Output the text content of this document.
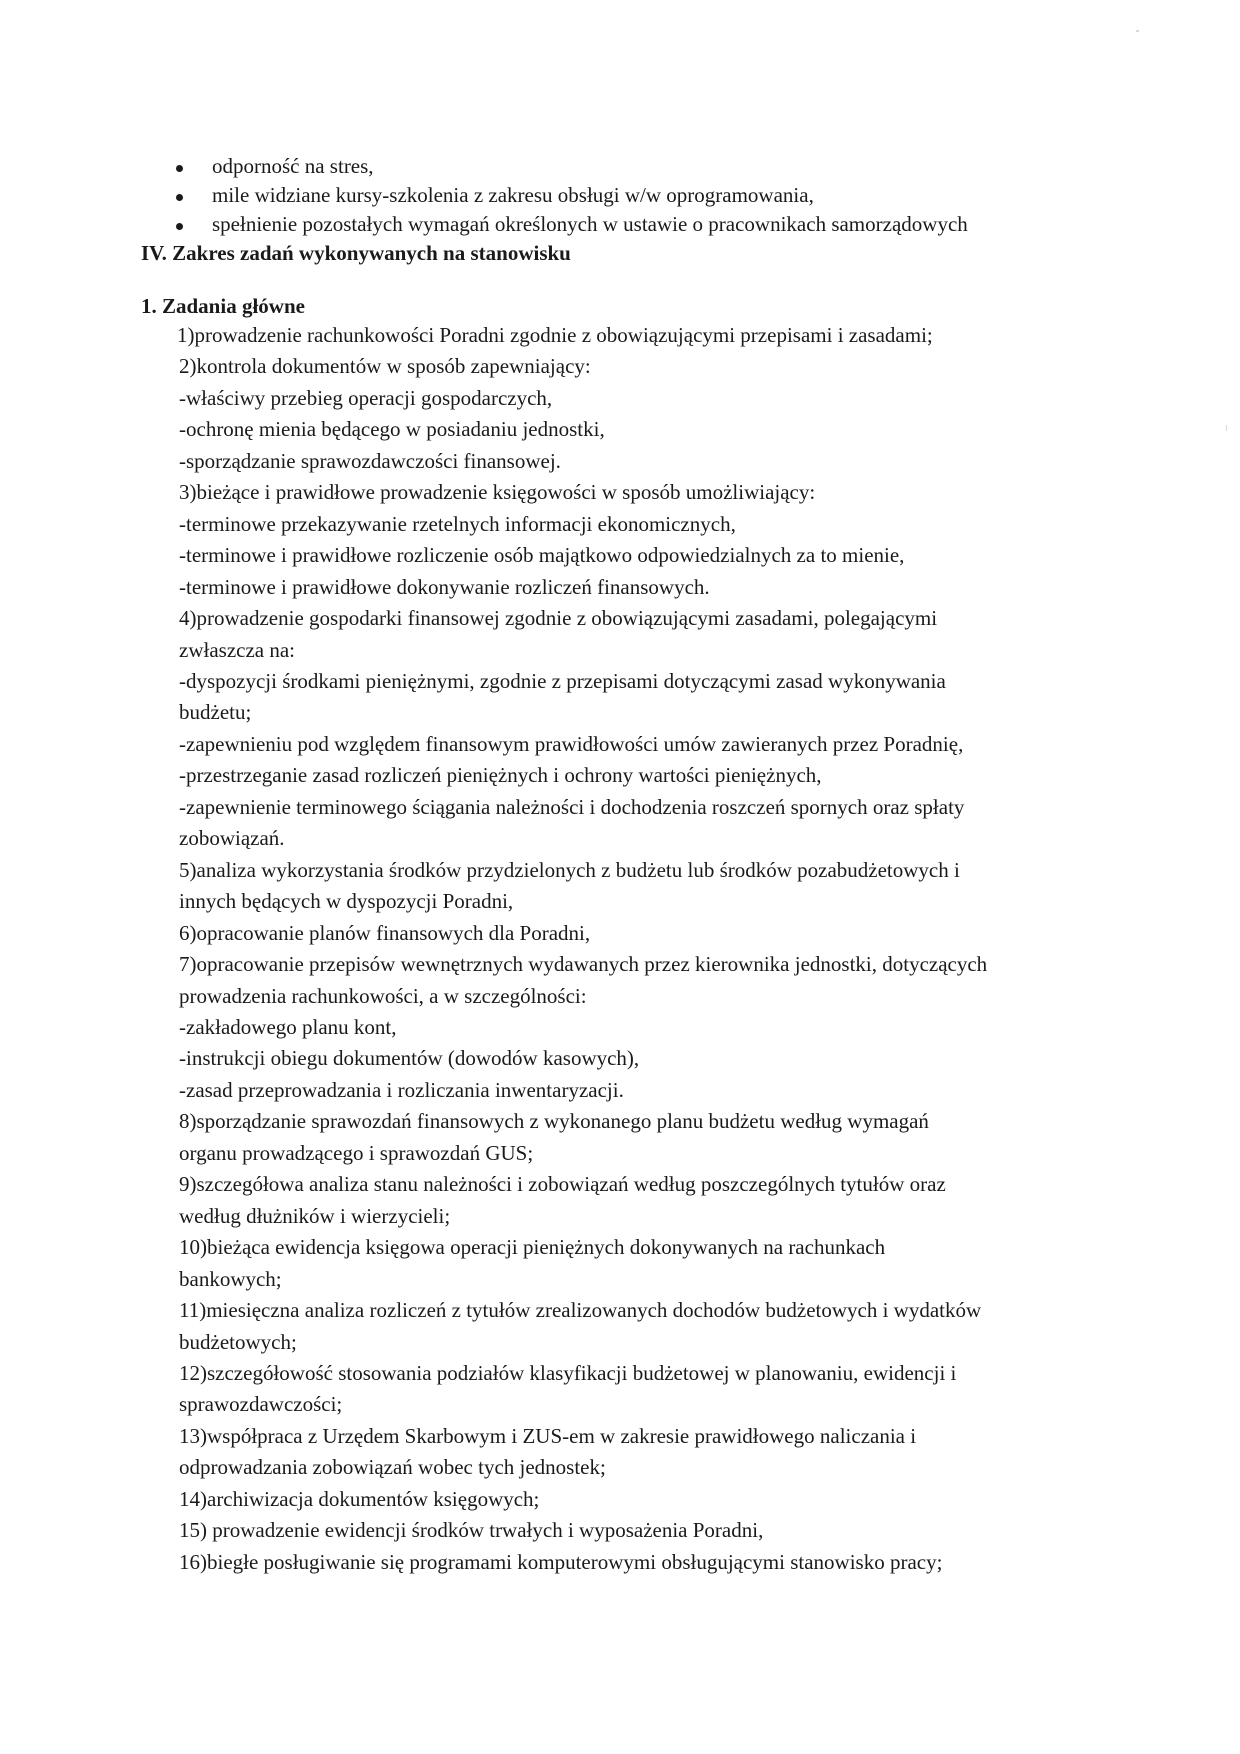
odporność na stres,
mile widziane kursy-szkolenia z zakresu obsługi w/w oprogramowania,
spełnienie pozostałych wymagań określonych w ustawie o pracownikach samorządowych
IV. Zakres zadań wykonywanych na stanowisku
1. Zadania główne
1)prowadzenie rachunkowości Poradni zgodnie z obowiązującymi przepisami i zasadami;
2)kontrola dokumentów w sposób zapewniający:
-właściwy przebieg operacji gospodarczych,
-ochronę mienia będącego w posiadaniu jednostki,
-sporządzanie sprawozdawczości finansowej.
3)bieżące i prawidłowe prowadzenie księgowości w sposób umożliwiający:
-terminowe przekazywanie rzetelnych informacji ekonomicznych,
-terminowe i prawidłowe rozliczenie osób majątkowo odpowiedzialnych za to mienie,
-terminowe i prawidłowe dokonywanie rozliczeń finansowych.
4)prowadzenie gospodarki finansowej zgodnie z obowiązującymi zasadami, polegającymi
zwłaszcza na:
-dyspozycji środkami pieniężnymi, zgodnie z przepisami dotyczącymi zasad wykonywania
budżetu;
-zapewnieniu pod względem finansowym prawidłowości umów zawieranych przez Poradnię,
-przestrzeganie zasad rozliczeń pieniężnych i ochrony wartości pieniężnych,
-zapewnienie terminowego ściągania należności i dochodzenia roszczeń spornych oraz spłaty
zobowiązań.
5)analiza wykorzystania środków przydzielonych z budżetu lub środków pozabudżetowych i
innych będących w dyspozycji Poradni,
6)opracowanie planów finansowych dla Poradni,
7)opracowanie przepisów wewnętrznych wydawanych przez kierownika jednostki, dotyczących
prowadzenia rachunkowości, a w szczególności:
-zakładowego planu kont,
-instrukcji obiegu dokumentów (dowodów kasowych),
-zasad przeprowadzania i rozliczania inwentaryzacji.
8)sporządzanie sprawozdań finansowych z wykonanego planu budżetu według wymagań
organu prowadzącego i sprawozdań GUS;
9)szczegółowa analiza stanu należności i zobowiązań według poszczególnych tytułów oraz
według dłużników i wierzycieli;
10)bieżąca ewidencja księgowa operacji pieniężnych dokonywanych na rachunkach
bankowych;
11)miesięczna analiza rozliczeń z tytułów zrealizowanych dochodów budżetowych i wydatków
budżetowych;
12)szczegółowość stosowania podziałów klasyfikacji budżetowej w planowaniu, ewidencji i
sprawozdawczości;
13)współpraca z Urzędem Skarbowym i ZUS-em w zakresie prawidłowego naliczania i
odprowadzania zobowiązań wobec tych jednostek;
14)archiwizacja dokumentów księgowych;
15) prowadzenie ewidencji środków trwałych i wyposażenia Poradni,
16)biegłe posługiwanie się programami komputerowymi obsługującymi stanowisko pracy;
